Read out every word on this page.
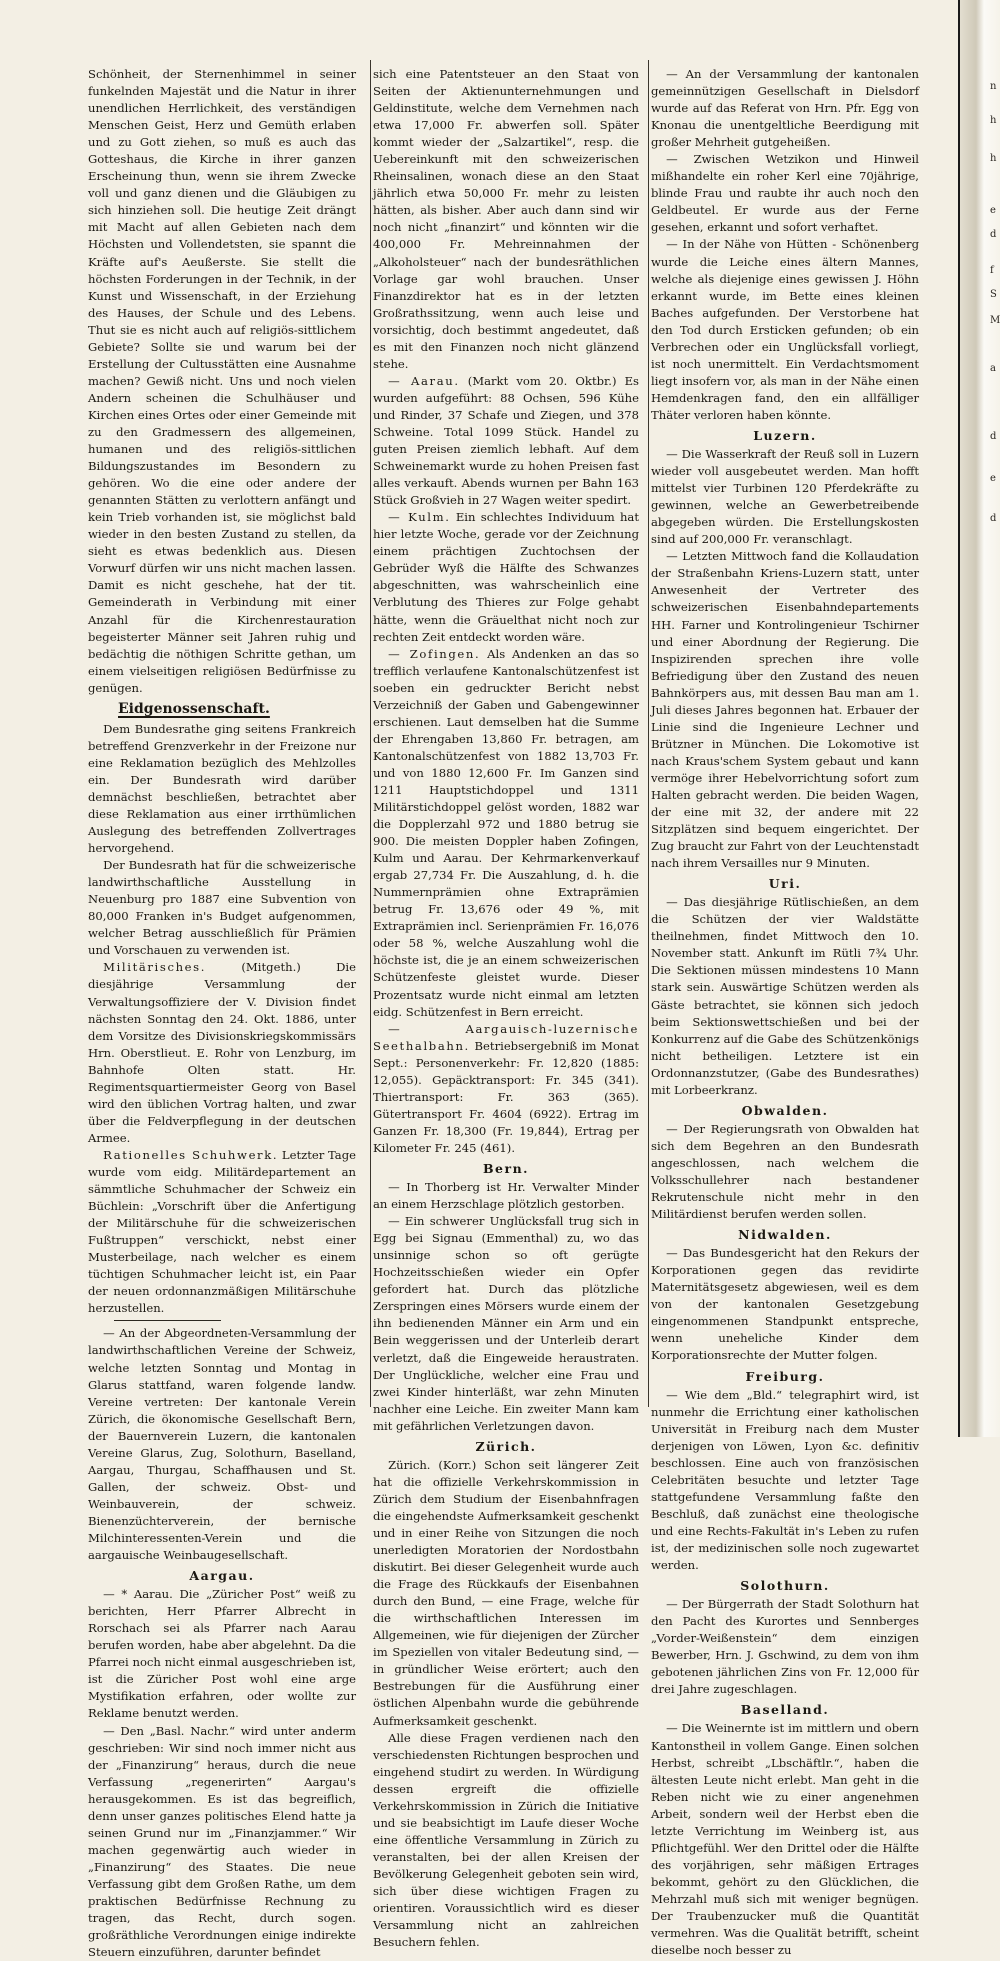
Schönheit, der Sternenhimmel in seiner funkelnden Majestät und die Natur in ihrer unendlichen Herrlichkeit, des verständigen Menschen Geist, Herz und Gemüth erlaben und zu Gott ziehen, so muß es auch das Gotteshaus, die Kirche in ihrer ganzen Erscheinung thun, wenn sie ihrem Zwecke voll und ganz dienen und die Gläubigen zu sich hinziehen soll. Die heutige Zeit drängt mit Macht auf allen Gebieten nach dem Höchsten und Vollendetsten, sie spannt die Kräfte auf's Aeußerste. Sie stellt die höchsten Forderungen in der Technik, in der Kunst und Wissenschaft, in der Erziehung des Hauses, der Schule und des Lebens. Thut sie es nicht auch auf religiös-sittlichem Gebiete? Sollte sie und warum bei der Erstellung der Cultusstätten eine Ausnahme machen? Gewiß nicht. Uns und noch vielen Andern scheinen die Schulhäuser und Kirchen eines Ortes oder einer Gemeinde mit zu den Gradmessern des allgemeinen, humanen und des religiös-sittlichen Bildungszustandes im Besondern zu gehören. Wo die eine oder andere der genannten Stätten zu verlottern anfängt und kein Trieb vorhanden ist, sie möglichst bald wieder in den besten Zustand zu stellen, da sieht es etwas bedenklich aus. Diesen Vorwurf dürfen wir uns nicht machen lassen. Damit es nicht geschehe, hat der tit. Gemeinderath in Verbindung mit einer Anzahl für die Kirchenrestauration begeisterter Männer seit Jahren ruhig und bedächtig die nöthigen Schritte gethan, um einem vielseitigen religiösen Bedürfnisse zu genügen.

Eidgenossenschaft.

Dem Bundesrathe ging seitens Frankreich betreffend Grenzverkehr in der Freizone nur eine Reklamation bezüglich des Mehlzolles ein. Der Bundesrath wird darüber demnächst beschließen, betrachtet aber diese Reklamation aus einer irrthümlichen Auslegung des betreffenden Zollvertrages hervorgehend.

Der Bundesrath hat für die schweizerische landwirthschaftliche Ausstellung in Neuenburg pro 1887 eine Subvention von 80,000 Franken in's Budget aufgenommen, welcher Betrag ausschließlich für Prämien und Vorschauen zu verwenden ist.

Militärisches. (Mitgeth.) Die diesjährige Versammlung der Verwaltungsoffiziere der V. Division findet nächsten Sonntag den 24. Okt. 1886, unter dem Vorsitze des Divisionskriegskommissärs Hrn. Oberstlieut. E. Rohr von Lenzburg, im Bahnhofe Olten statt. Hr. Regimentsquartiermeister Georg von Basel wird den üblichen Vortrag halten, und zwar über die Feldverpflegung in der deutschen Armee.

Rationelles Schuhwerk. Letzter Tage wurde vom eidg. Militärdepartement an sämmtliche Schuhmacher der Schweiz ein Büchlein: „Vorschrift über die Anfertigung der Militärschuhe für die schweizerischen Fußtruppen“ verschickt, nebst einer Musterbeilage, nach welcher es einem tüchtigen Schuhmacher leicht ist, ein Paar der neuen ordonnanzmäßigen Militärschuhe herzustellen.

— An der Abgeordneten-Versammlung der landwirthschaftlichen Vereine der Schweiz, welche letzten Sonntag und Montag in Glarus stattfand, waren folgende landw. Vereine vertreten: Der kantonale Verein Zürich, die ökonomische Gesellschaft Bern, der Bauernverein Luzern, die kantonalen Vereine Glarus, Zug, Solothurn, Baselland, Aargau, Thurgau, Schaffhausen und St. Gallen, der schweiz. Obst- und Weinbauverein, der schweiz. Bienenzüchterverein, der bernische Milchinteressenten-Verein und die aargauische Weinbaugesellschaft.

Aargau.

— * Aarau. Die „Züricher Post“ weiß zu berichten, Herr Pfarrer Albrecht in Rorschach sei als Pfarrer nach Aarau berufen worden, habe aber abgelehnt. Da die Pfarrei noch nicht einmal ausgeschrieben ist, ist die Züricher Post wohl eine arge Mystifikation erfahren, oder wollte zur Reklame benutzt werden.

— Den „Basl. Nachr.“ wird unter anderm geschrieben: Wir sind noch immer nicht aus der „Finanzirung“ heraus, durch die neue Verfassung „regenerirten“ Aargau's herausgekommen. Es ist das begreiflich, denn unser ganzes politisches Elend hatte ja seinen Grund nur im „Finanzjammer.“ Wir machen gegenwärtig auch wieder in „Finanzirung“ des Staates. Die neue Verfassung gibt dem Großen Rathe, um dem praktischen Bedürfnisse Rechnung zu tragen, das Recht, durch sogen. großräthliche Verordnungen einige indirekte Steuern einzuführen, darunter befindet

sich eine Patentsteuer an den Staat von Seiten der Aktienunternehmungen und Geldinstitute, welche dem Vernehmen nach etwa 17,000 Fr. abwerfen soll. Später kommt wieder der „Salzartikel“, resp. die Uebereinkunft mit den schweizerischen Rheinsalinen, wonach diese an den Staat jährlich etwa 50,000 Fr. mehr zu leisten hätten, als bisher. Aber auch dann sind wir noch nicht „finanzirt“ und könnten wir die 400,000 Fr. Mehreinnahmen der „Alkoholsteuer“ nach der bundesräthlichen Vorlage gar wohl brauchen. Unser Finanzdirektor hat es in der letzten Großrathssitzung, wenn auch leise und vorsichtig, doch bestimmt angedeutet, daß es mit den Finanzen noch nicht glänzend stehe.

— Aarau. (Markt vom 20. Oktbr.) Es wurden aufgeführt: 88 Ochsen, 596 Kühe und Rinder, 37 Schafe und Ziegen, und 378 Schweine. Total 1099 Stück. Handel zu guten Preisen ziemlich lebhaft. Auf dem Schweinemarkt wurde zu hohen Preisen fast alles verkauft. Abends wurnen per Bahn 163 Stück Großvieh in 27 Wagen weiter spedirt.

— Kulm. Ein schlechtes Individuum hat hier letzte Woche, gerade vor der Zeichnung einem prächtigen Zuchtochsen der Gebrüder Wyß die Hälfte des Schwanzes abgeschnitten, was wahrscheinlich eine Verblutung des Thieres zur Folge gehabt hätte, wenn die Gräuelthat nicht noch zur rechten Zeit entdeckt worden wäre.

— Zofingen. Als Andenken an das so trefflich verlaufene Kantonalschützenfest ist soeben ein gedruckter Bericht nebst Verzeichniß der Gaben und Gabengewinner erschienen. Laut demselben hat die Summe der Ehrengaben 13,860 Fr. betragen, am Kantonalschützenfest von 1882 13,703 Fr. und von 1880 12,600 Fr. Im Ganzen sind 1211 Hauptstichdoppel und 1311 Militärstichdoppel gelöst worden, 1882 war die Dopplerzahl 972 und 1880 betrug sie 900. Die meisten Doppler haben Zofingen, Kulm und Aarau. Der Kehrmarkenverkauf ergab 27,734 Fr. Die Auszahlung, d. h. die Nummernprämien ohne Extraprämien betrug Fr. 13,676 oder 49 %, mit Extraprämien incl. Serienprämien Fr. 16,076 oder 58 %, welche Auszahlung wohl die höchste ist, die je an einem schweizerischen Schützenfeste gleistet wurde. Dieser Prozentsatz wurde nicht einmal am letzten eidg. Schützenfest in Bern erreicht.

— Aargauisch-luzernische Seethalbahn. Betriebsergebniß im Monat Sept.: Personenverkehr: Fr. 12,820 (1885: 12,055). Gepäcktransport: Fr. 345 (341). Thiertransport: Fr. 363 (365). Gütertransport Fr. 4604 (6922). Ertrag im Ganzen Fr. 18,300 (Fr. 19,844), Ertrag per Kilometer Fr. 245 (461).

Bern.

— In Thorberg ist Hr. Verwalter Minder an einem Herzschlage plötzlich gestorben.

— Ein schwerer Unglücksfall trug sich in Egg bei Signau (Emmenthal) zu, wo das unsinnige schon so oft gerügte Hochzeitsschießen wieder ein Opfer gefordert hat. Durch das plötzliche Zerspringen eines Mörsers wurde einem der ihn bedienenden Männer ein Arm und ein Bein weggerissen und der Unterleib derart verletzt, daß die Eingeweide heraustraten. Der Unglückliche, welcher eine Frau und zwei Kinder hinterläßt, war zehn Minuten nachher eine Leiche. Ein zweiter Mann kam mit gefährlichen Verletzungen davon.

Zürich.

Zürich. (Korr.) Schon seit längerer Zeit hat die offizielle Verkehrskommission in Zürich dem Studium der Eisenbahnfragen die eingehendste Aufmerksamkeit geschenkt und in einer Reihe von Sitzungen die noch unerledigten Moratorien der Nordostbahn diskutirt. Bei dieser Gelegenheit wurde auch die Frage des Rückkaufs der Eisenbahnen durch den Bund, — eine Frage, welche für die wirthschaftlichen Interessen im Allgemeinen, wie für diejenigen der Zürcher im Speziellen von vitaler Bedeutung sind, — in gründlicher Weise erörtert; auch den Bestrebungen für die Ausführung einer östlichen Alpenbahn wurde die gebührende Aufmerksamkeit geschenkt.

Alle diese Fragen verdienen nach den verschiedensten Richtungen besprochen und eingehend studirt zu werden. In Würdigung dessen ergreift die offizielle Verkehrskommission in Zürich die Initiative und sie beabsichtigt im Laufe dieser Woche eine öffentliche Versammlung in Zürich zu veranstalten, bei der allen Kreisen der Bevölkerung Gelegenheit geboten sein wird, sich über diese wichtigen Fragen zu orientiren. Voraussichtlich wird es dieser Versammlung nicht an zahlreichen Besuchern fehlen.

— An der Versammlung der kantonalen gemeinnützigen Gesellschaft in Dielsdorf wurde auf das Referat von Hrn. Pfr. Egg von Knonau die unentgeltliche Beerdigung mit großer Mehrheit gutgeheißen.

— Zwischen Wetzikon und Hinweil mißhandelte ein roher Kerl eine 70jährige, blinde Frau und raubte ihr auch noch den Geldbeutel. Er wurde aus der Ferne gesehen, erkannt und sofort verhaftet.

— In der Nähe von Hütten - Schönenberg wurde die Leiche eines ältern Mannes, welche als diejenige eines gewissen J. Höhn erkannt wurde, im Bette eines kleinen Baches aufgefunden. Der Verstorbene hat den Tod durch Ersticken gefunden; ob ein Verbrechen oder ein Unglücksfall vorliegt, ist noch unermittelt. Ein Verdachtsmoment liegt insofern vor, als man in der Nähe einen Hemdenkragen fand, den ein allfälliger Thäter verloren haben könnte.

Luzern.

— Die Wasserkraft der Reuß soll in Luzern wieder voll ausgebeutet werden. Man hofft mittelst vier Turbinen 120 Pferdekräfte zu gewinnen, welche an Gewerbetreibende abgegeben würden. Die Erstellungskosten sind auf 200,000 Fr. veranschlagt.

— Letzten Mittwoch fand die Kollaudation der Straßenbahn Kriens-Luzern statt, unter Anwesenheit der Vertreter des schweizerischen Eisenbahndepartements HH. Farner und Kontrolingenieur Tschirner und einer Abordnung der Regierung. Die Inspizirenden sprechen ihre volle Befriedigung über den Zustand des neuen Bahnkörpers aus, mit dessen Bau man am 1. Juli dieses Jahres begonnen hat. Erbauer der Linie sind die Ingenieure Lechner und Brützner in München. Die Lokomotive ist nach Kraus'schem System gebaut und kann vermöge ihrer Hebelvorrichtung sofort zum Halten gebracht werden. Die beiden Wagen, der eine mit 32, der andere mit 22 Sitzplätzen sind bequem eingerichtet. Der Zug braucht zur Fahrt von der Leuchtenstadt nach ihrem Versailles nur 9 Minuten.

Uri.

— Das diesjährige Rütlischießen, an dem die Schützen der vier Waldstätte theilnehmen, findet Mittwoch den 10. November statt. Ankunft im Rütli 7¾ Uhr. Die Sektionen müssen mindestens 10 Mann stark sein. Auswärtige Schützen werden als Gäste betrachtet, sie können sich jedoch beim Sektionswettschießen und bei der Konkurrenz auf die Gabe des Schützenkönigs nicht betheiligen. Letztere ist ein Ordonnanzstutzer, (Gabe des Bundesrathes) mit Lorbeerkranz.

Obwalden.

— Der Regierungsrath von Obwalden hat sich dem Begehren an den Bundesrath angeschlossen, nach welchem die Volksschullehrer nach bestandener Rekrutenschule nicht mehr in den Militärdienst berufen werden sollen.

Nidwalden.

— Das Bundesgericht hat den Rekurs der Korporationen gegen das revidirte Maternitätsgesetz abgewiesen, weil es dem von der kantonalen Gesetzgebung eingenommenen Standpunkt entspreche, wenn uneheliche Kinder dem Korporationsrechte der Mutter folgen.

Freiburg.

— Wie dem „Bld.“ telegraphirt wird, ist nunmehr die Errichtung einer katholischen Universität in Freiburg nach dem Muster derjenigen von Löwen, Lyon &c. definitiv beschlossen. Eine auch von französischen Celebritäten besuchte und letzter Tage stattgefundene Versammlung faßte den Beschluß, daß zunächst eine theologische und eine Rechts-Fakultät in's Leben zu rufen ist, der medizinischen solle noch zugewartet werden.

Solothurn.

— Der Bürgerrath der Stadt Solothurn hat den Pacht des Kurortes und Sennberges „Vorder-Weißenstein“ dem einzigen Bewerber, Hrn. J. Gschwind, zu dem von ihm gebotenen jährlichen Zins von Fr. 12,000 für drei Jahre zugeschlagen.

Baselland.

— Die Weinernte ist im mittlern und obern Kantonstheil in vollem Gange. Einen solchen Herbst, schreibt „Lbschäftlr.“, haben die ältesten Leute nicht erlebt. Man geht in die Reben nicht wie zu einer angenehmen Arbeit, sondern weil der Herbst eben die letzte Verrichtung im Weinberg ist, aus Pflichtgefühl. Wer den Drittel oder die Hälfte des vorjährigen, sehr mäßigen Ertrages bekommt, gehört zu den Glücklichen, die Mehrzahl muß sich mit weniger begnügen. Der Traubenzucker muß die Quantität vermehren. Was die Qualität betrifft, scheint dieselbe noch besser zu

n
h
h
e
d
f
S
M
a
d
e
d
